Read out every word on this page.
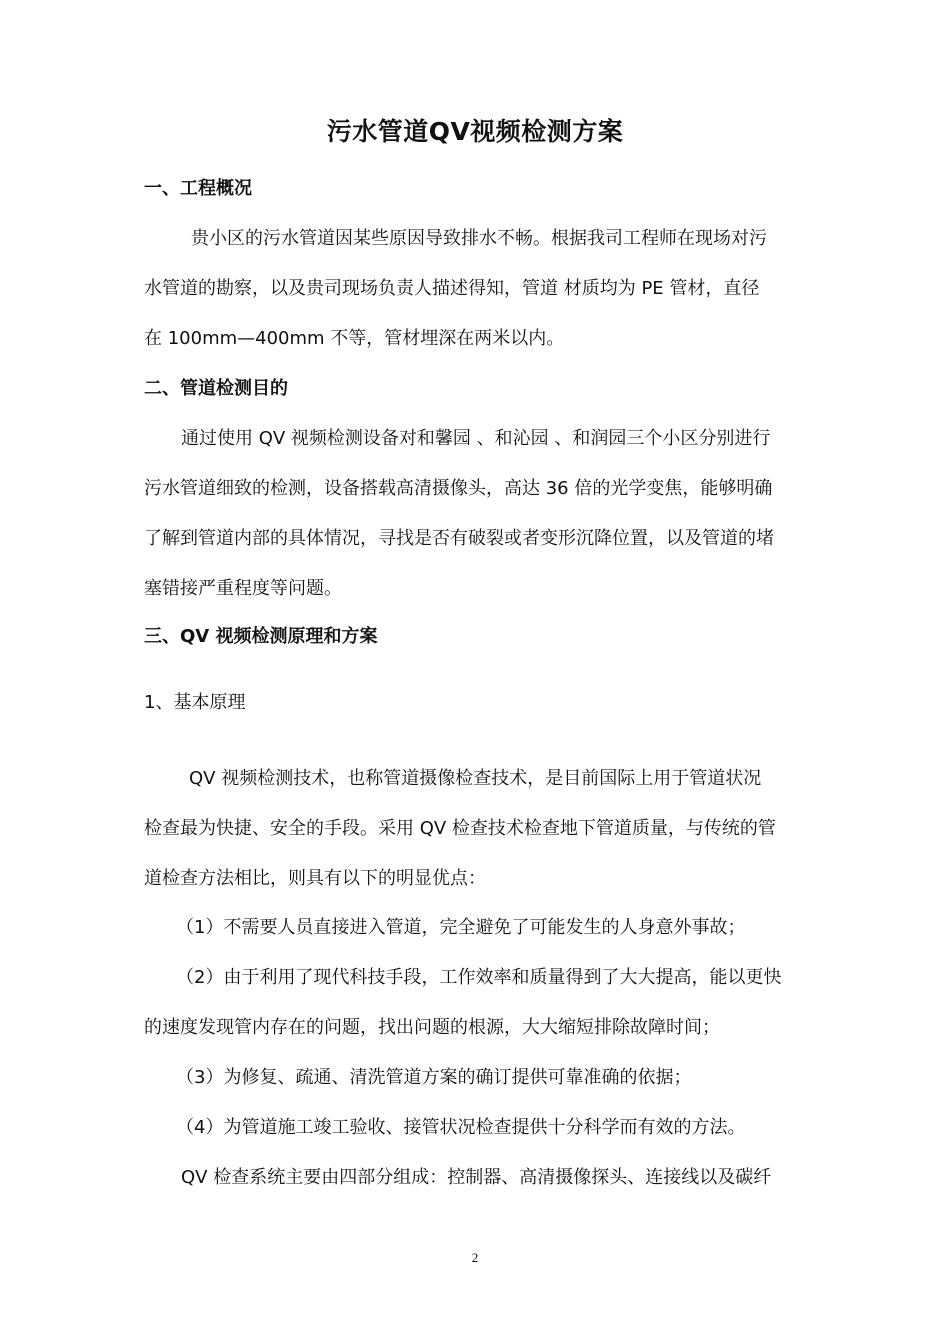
污水管道QV视频检测方案
一、工程概况
贵小区的污水管道因某些原因导致排水不畅。根据我司工程师在现场对污
水管道的勘察，以及贵司现场负责人描述得知，管道 材质均为 PE 管材，直径
在 100mm—400mm 不等，管材埋深在两米以内。
二、管道检测目的
通过使用 QV 视频检测设备对和馨园 、和沁园 、和润园三个小区分别进行
污水管道细致的检测，设备搭载高清摄像头，高达 36 倍的光学变焦，能够明确
了解到管道内部的具体情况，寻找是否有破裂或者变形沉降位置，以及管道的堵
塞错接严重程度等问题。
三、QV 视频检测原理和方案
1、基本原理
QV 视频检测技术，也称管道摄像检查技术，是目前国际上用于管道状况
检查最为快捷、安全的手段。采用 QV 检查技术检查地下管道质量，与传统的管
道检查方法相比，则具有以下的明显优点：
（1）不需要人员直接进入管道，完全避免了可能发生的人身意外事故；
（2）由于利用了现代科技手段，工作效率和质量得到了大大提高，能以更快
的速度发现管内存在的问题，找出问题的根源，大大缩短排除故障时间；
（3）为修复、疏通、清洗管道方案的确订提供可靠准确的依据；
（4）为管道施工竣工验收、接管状况检查提供十分科学而有效的方法。
QV 检查系统主要由四部分组成：控制器、高清摄像探头、连接线以及碳纤
2
